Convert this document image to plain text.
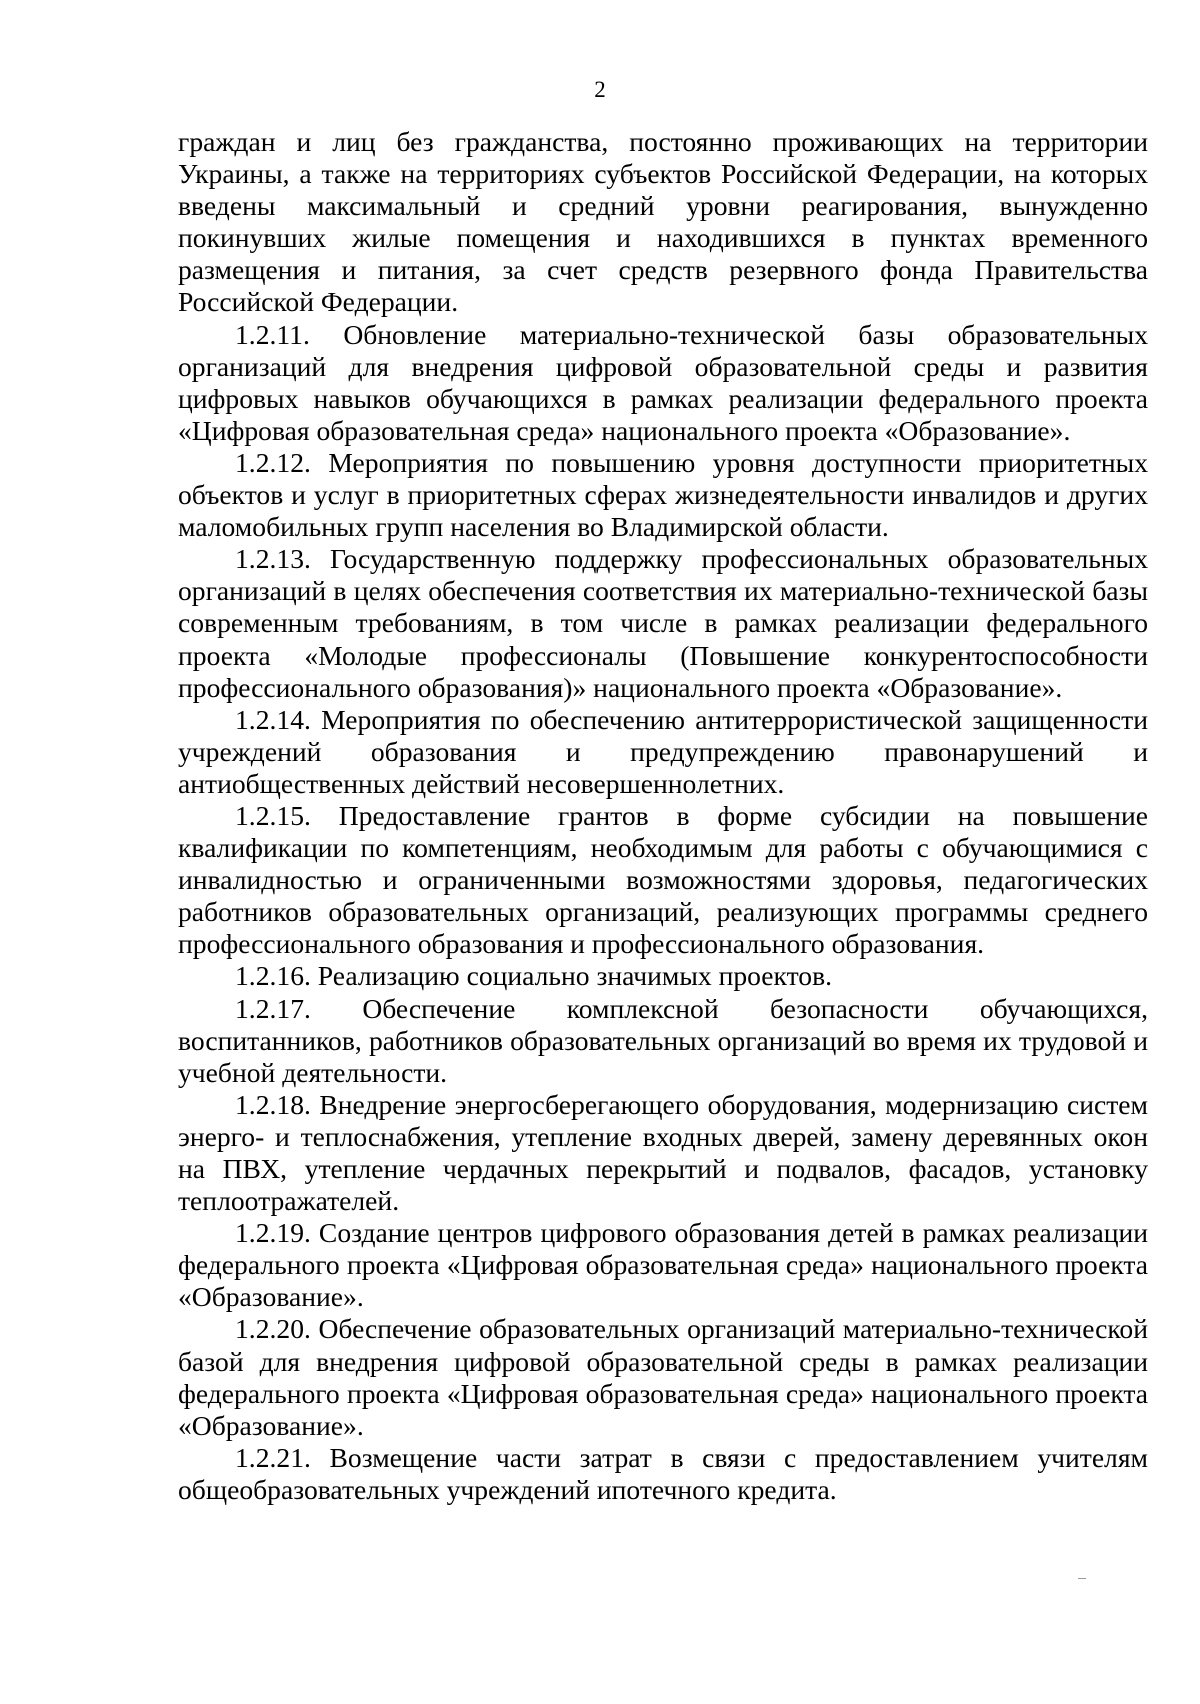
2

граждан и лиц без гражданства, постоянно проживающих на территории Украины, а также на территориях субъектов Российской Федерации, на которых введены максимальный и средний уровни реагирования, вынужденно покинувших жилые помещения и находившихся в пунктах временного размещения и питания, за счет средств резервного фонда Правительства Российской Федерации.

1.2.11. Обновление материально-технической базы образовательных организаций для внедрения цифровой образовательной среды и развития цифровых навыков обучающихся в рамках реализации федерального проекта «Цифровая образовательная среда» национального проекта «Образование».

1.2.12. Мероприятия по повышению уровня доступности приоритетных объектов и услуг в приоритетных сферах жизнедеятельности инвалидов и других маломобильных групп населения во Владимирской области.

1.2.13. Государственную поддержку профессиональных образовательных организаций в целях обеспечения соответствия их материально-технической базы современным требованиям, в том числе в рамках реализации федерального проекта «Молодые профессионалы (Повышение конкурентоспособности профессионального образования)» национального проекта «Образование».

1.2.14. Мероприятия по обеспечению антитеррористической защищенности учреждений образования и предупреждению правонарушений и антиобщественных действий несовершеннолетних.

1.2.15. Предоставление грантов в форме субсидии на повышение квалификации по компетенциям, необходимым для работы с обучающимися с инвалидностью и ограниченными возможностями здоровья, педагогических работников образовательных организаций, реализующих программы среднего профессионального образования и профессионального образования.

1.2.16. Реализацию социально значимых проектов.

1.2.17. Обеспечение комплексной безопасности обучающихся, воспитанников, работников образовательных организаций во время их трудовой и учебной деятельности.

1.2.18. Внедрение энергосберегающего оборудования, модернизацию систем энерго- и теплоснабжения, утепление входных дверей, замену деревянных окон на ПВХ, утепление чердачных перекрытий и подвалов, фасадов, установку теплоотражателей.

1.2.19. Создание центров цифрового образования детей в рамках реализации федерального проекта «Цифровая образовательная среда» национального проекта «Образование».

1.2.20. Обеспечение образовательных организаций материально-технической базой для внедрения цифровой образовательной среды в рамках реализации федерального проекта «Цифровая образовательная среда» национального проекта «Образование».

1.2.21. Возмещение части затрат в связи с предоставлением учителям общеобразовательных учреждений ипотечного кредита.
